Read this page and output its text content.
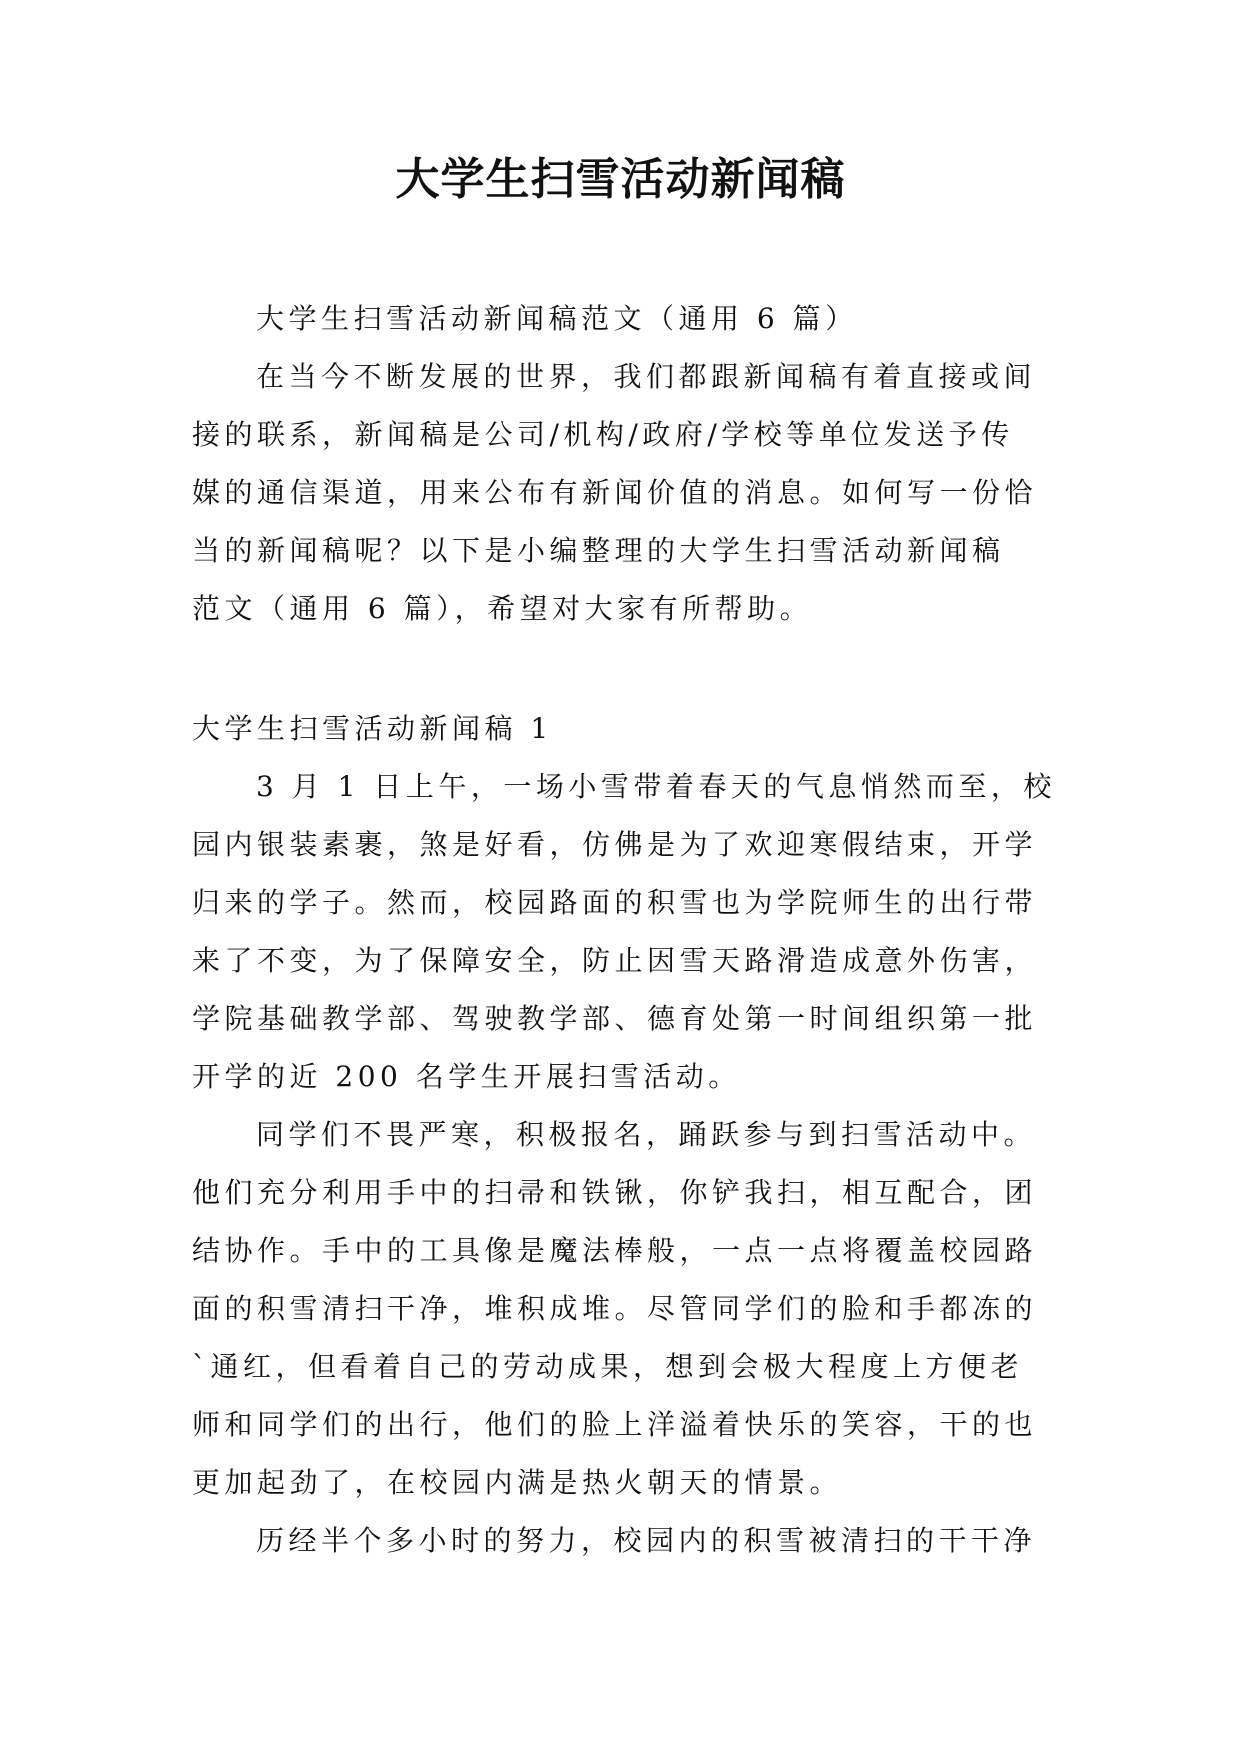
大学生扫雪活动新闻稿

大学生扫雪活动新闻稿范文（通用 6 篇）

在当今不断发展的世界，我们都跟新闻稿有着直接或间

接的联系，新闻稿是公司/机构/政府/学校等单位发送予传

媒的通信渠道，用来公布有新闻价值的消息。如何写一份恰

当的新闻稿呢？以下是小编整理的大学生扫雪活动新闻稿

范文（通用 6 篇），希望对大家有所帮助。

大学生扫雪活动新闻稿 1

3 月 1 日上午，一场小雪带着春天的气息悄然而至，校

园内银装素裹，煞是好看，仿佛是为了欢迎寒假结束，开学

归来的学子。然而，校园路面的积雪也为学院师生的出行带

来了不变，为了保障安全，防止因雪天路滑造成意外伤害，

学院基础教学部、驾驶教学部、德育处第一时间组织第一批

开学的近 200 名学生开展扫雪活动。

同学们不畏严寒，积极报名，踊跃参与到扫雪活动中。

他们充分利用手中的扫帚和铁锹，你铲我扫，相互配合，团

结协作。手中的工具像是魔法棒般，一点一点将覆盖校园路

面的积雪清扫干净，堆积成堆。尽管同学们的脸和手都冻的

`通红，但看着自己的劳动成果，想到会极大程度上方便老

师和同学们的出行，他们的脸上洋溢着快乐的笑容，干的也

更加起劲了，在校园内满是热火朝天的情景。

历经半个多小时的努力，校园内的积雪被清扫的干干净
